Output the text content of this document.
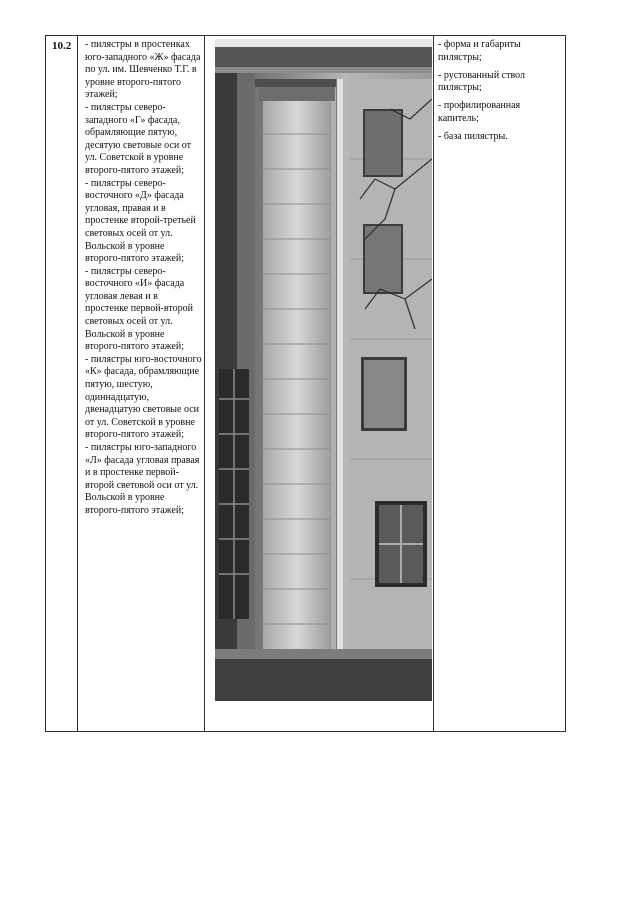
10.2	- пилястры в простенках юго-западного «Ж» фасада по ул. им. Шевченко Т.Г. в уровне второго-пятого этажей;
- пилястры северо-западного «Г» фасада, обрамляющие пятую, десятую световые оси от ул. Советской в уровне второго-пятого этажей;
- пилястры северо-восточного «Д» фасада угловая, правая и в простенке второй-третьей световых осей от ул. Вольской в уровне второго-пятого этажей;
- пилястры северо-восточного «И» фасада угловая левая и в простенке первой-второй световых осей от ул. Вольской в уровне второго-пятого этажей;
- пилястры юго-восточного «К» фасада, обрамляющие пятую, шестую, одиннадцатую, двенадцатую световые оси от ул. Советской в уровне второго-пятого этажей;
- пилястры юго-западного «Л» фасада угловая правая и в простенке первой-второй световой оси от ул. Вольской в уровне второго-пятого этажей;
- форма и габариты пилястры;
- рустованный ствол пилястры;
- профилированная капитель;
- база пилястры.
